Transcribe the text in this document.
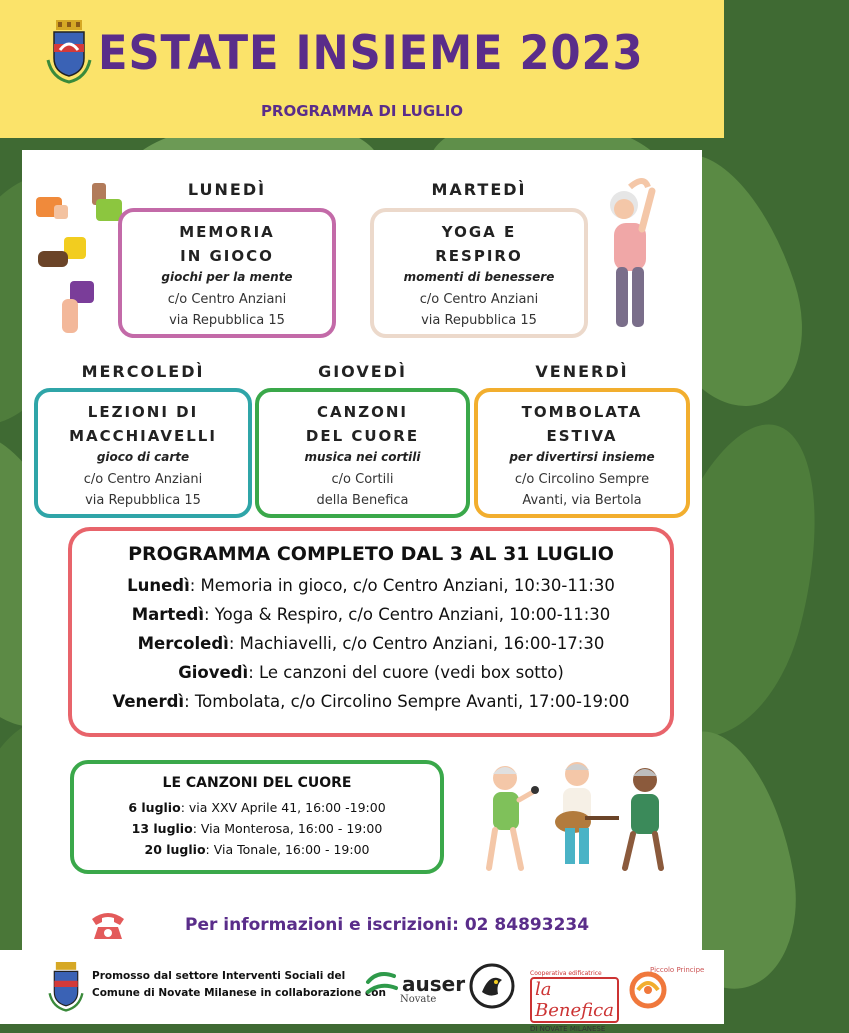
ESTATE INSIEME 2023
PROGRAMMA DI LUGLIO
LUNEDÌ
MEMORIA
IN GIOCO
giochi per la mente
c/o Centro Anziani
via Repubblica 15
MARTEDÌ
YOGA E
RESPIRO
momenti di benessere
c/o Centro Anziani
via Repubblica 15
MERCOLEDÌ
LEZIONI DI
MACCHIAVELLI
gioco di carte
c/o Centro Anziani
via Repubblica 15
GIOVEDÌ
CANZONI
DEL CUORE
musica nei cortili
c/o Cortili
della Benefica
VENERDÌ
TOMBOLATA
ESTIVA
per divertirsi insieme
c/o Circolino Sempre
Avanti, via Bertola
PROGRAMMA COMPLETO DAL 3 AL 31 LUGLIO
Lunedì: Memoria in gioco, c/o Centro Anziani, 10:30-11:30
Martedì: Yoga & Respiro, c/o Centro Anziani, 10:00-11:30
Mercoledì: Machiavelli, c/o Centro Anziani, 16:00-17:30
Giovedì: Le canzoni del cuore (vedi box sotto)
Venerdì: Tombolata, c/o Circolino Sempre Avanti, 17:00-19:00
LE CANZONI DEL CUORE
6 luglio: via XXV Aprile 41, 16:00 -19:00
13 luglio: Via Monterosa, 16:00 - 19:00
20 luglio: Via Tonale, 16:00 - 19:00
Per informazioni e iscrizioni: 02 84893234
Promosso dal settore Interventi Sociali del
Comune di Novate Milanese in collaborazione con auser
Novate
Cooperativa edificatrice
la Benefica
DI NOVATE MILANESE
Piccolo Principe
